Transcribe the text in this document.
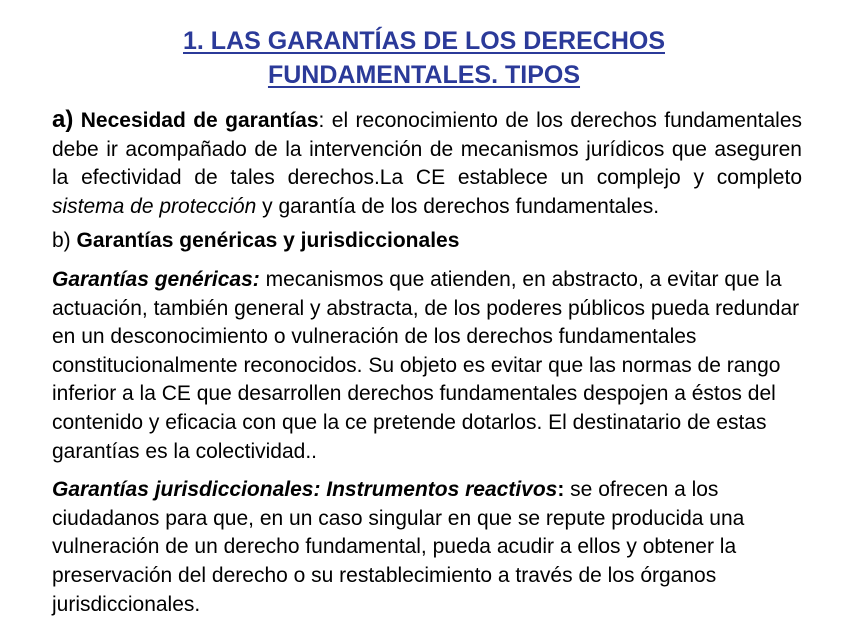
1. LAS GARANTÍAS DE LOS DERECHOS
FUNDAMENTALES. TIPOS

a) Necesidad de garantías: el reconocimiento de los derechos fundamentales debe ir acompañado de la intervención de mecanismos jurídicos que aseguren la efectividad de tales derechos.La CE establece un complejo y completo sistema de protección y garantía de los derechos fundamentales.

b) Garantías genéricas y jurisdiccionales

Garantías genéricas: mecanismos que atienden, en abstracto, a evitar que la actuación, también general y abstracta, de los poderes públicos pueda redundar en un desconocimiento o vulneración de los derechos fundamentales constitucionalmente reconocidos. Su objeto es evitar que las normas de rango inferior a la CE que desarrollen derechos fundamentales despojen a éstos del contenido y eficacia con que la ce pretende dotarlos. El destinatario de estas garantías es la colectividad..

Garantías jurisdiccionales: Instrumentos reactivos: se ofrecen a los ciudadanos para que, en un caso singular en que se repute producida una vulneración de un derecho fundamental, pueda acudir a ellos y obtener la preservación del derecho o su restablecimiento a través de los órganos jurisdiccionales.
